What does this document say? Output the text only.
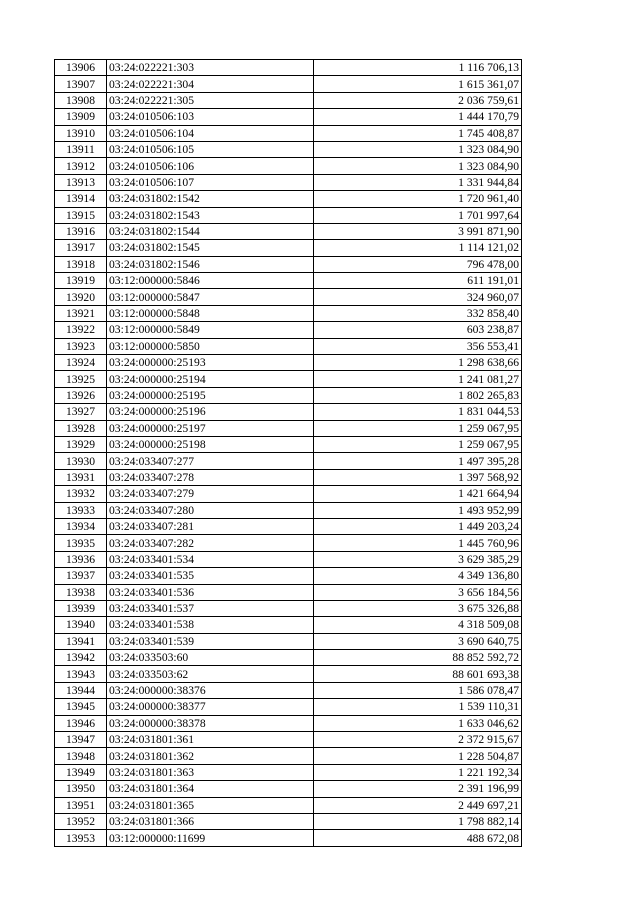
13906	03:24:022221:303	1 116 706,13
13907	03:24:022221:304	1 615 361,07
13908	03:24:022221:305	2 036 759,61
13909	03:24:010506:103	1 444 170,79
13910	03:24:010506:104	1 745 408,87
13911	03:24:010506:105	1 323 084,90
13912	03:24:010506:106	1 323 084,90
13913	03:24:010506:107	1 331 944,84
13914	03:24:031802:1542	1 720 961,40
13915	03:24:031802:1543	1 701 997,64
13916	03:24:031802:1544	3 991 871,90
13917	03:24:031802:1545	1 114 121,02
13918	03:24:031802:1546	796 478,00
13919	03:12:000000:5846	611 191,01
13920	03:12:000000:5847	324 960,07
13921	03:12:000000:5848	332 858,40
13922	03:12:000000:5849	603 238,87
13923	03:12:000000:5850	356 553,41
13924	03:24:000000:25193	1 298 638,66
13925	03:24:000000:25194	1 241 081,27
13926	03:24:000000:25195	1 802 265,83
13927	03:24:000000:25196	1 831 044,53
13928	03:24:000000:25197	1 259 067,95
13929	03:24:000000:25198	1 259 067,95
13930	03:24:033407:277	1 497 395,28
13931	03:24:033407:278	1 397 568,92
13932	03:24:033407:279	1 421 664,94
13933	03:24:033407:280	1 493 952,99
13934	03:24:033407:281	1 449 203,24
13935	03:24:033407:282	1 445 760,96
13936	03:24:033401:534	3 629 385,29
13937	03:24:033401:535	4 349 136,80
13938	03:24:033401:536	3 656 184,56
13939	03:24:033401:537	3 675 326,88
13940	03:24:033401:538	4 318 509,08
13941	03:24:033401:539	3 690 640,75
13942	03:24:033503:60	88 852 592,72
13943	03:24:033503:62	88 601 693,38
13944	03:24:000000:38376	1 586 078,47
13945	03:24:000000:38377	1 539 110,31
13946	03:24:000000:38378	1 633 046,62
13947	03:24:031801:361	2 372 915,67
13948	03:24:031801:362	1 228 504,87
13949	03:24:031801:363	1 221 192,34
13950	03:24:031801:364	2 391 196,99
13951	03:24:031801:365	2 449 697,21
13952	03:24:031801:366	1 798 882,14
13953	03:12:000000:11699	488 672,08
